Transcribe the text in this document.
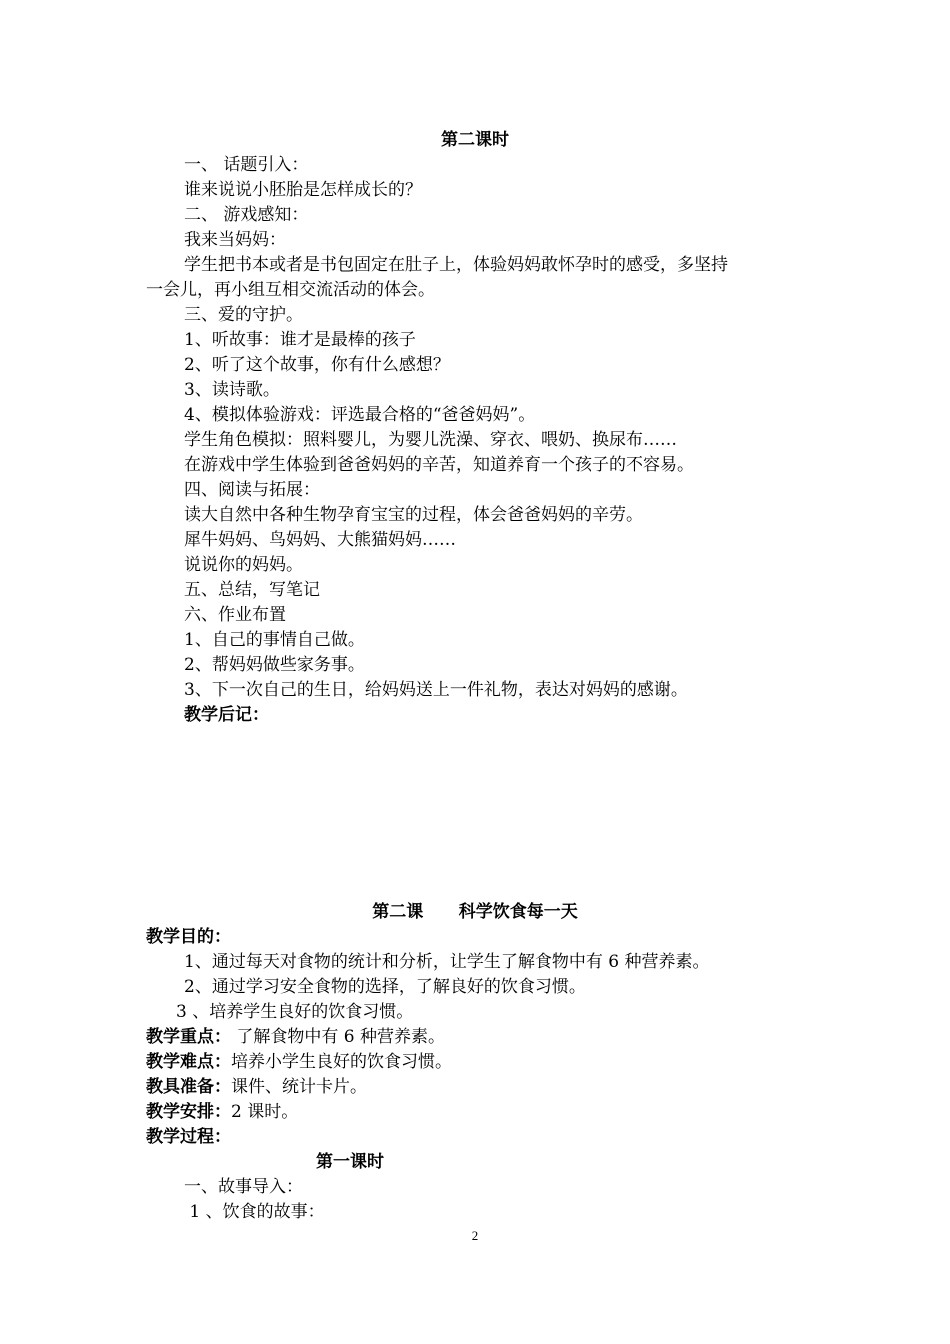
第二课时
一、 话题引入：
谁来说说小胚胎是怎样成长的？
二、 游戏感知：
我来当妈妈：
学生把书本或者是书包固定在肚子上，体验妈妈敢怀孕时的感受，多坚持
一会儿，再小组互相交流活动的体会。
三、爱的守护。
1、听故事：谁才是最棒的孩子
2、听了这个故事，你有什么感想？
3、读诗歌。
4、模拟体验游戏：评选最合格的“爸爸妈妈”。
学生角色模拟：照料婴儿，为婴儿洗澡、穿衣、喂奶、换尿布……
在游戏中学生体验到爸爸妈妈的辛苦，知道养育一个孩子的不容易。
四、阅读与拓展：
读大自然中各种生物孕育宝宝的过程，体会爸爸妈妈的辛劳。
犀牛妈妈、鸟妈妈、大熊猫妈妈……
说说你的妈妈。
五、总结，写笔记
六、作业布置
1、自己的事情自己做。
2、帮妈妈做些家务事。
3、下一次自己的生日，给妈妈送上一件礼物，表达对妈妈的感谢。
教学后记：
第二课      科学饮食每一天
教学目的：
1、通过每天对食物的统计和分析，让学生了解食物中有 6 种营养素。
2、通过学习安全食物的选择，了解良好的饮食习惯。
3 、培养学生良好的饮食习惯。
教学重点： 了解食物中有 6 种营养素。
教学难点：培养小学生良好的饮食习惯。
教具准备：课件、统计卡片。
教学安排：2 课时。
教学过程：
第一课时
一、故事导入：
1 、饮食的故事：
2
